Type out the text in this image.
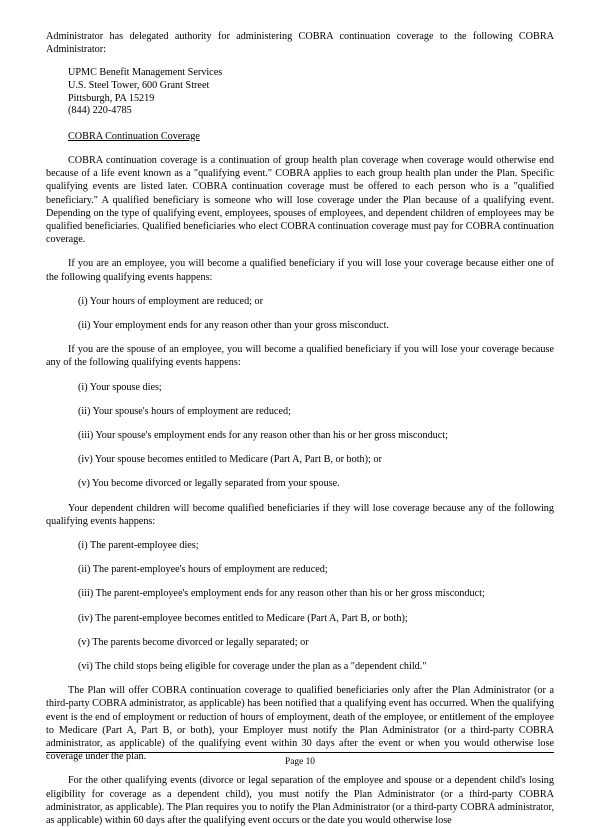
Administrator has delegated authority for administering COBRA continuation coverage to the following COBRA Administrator:

UPMC Benefit Management Services
U.S. Steel Tower, 600 Grant Street
Pittsburgh, PA 15219
(844) 220-4785
COBRA Continuation Coverage

COBRA continuation coverage is a continuation of group health plan coverage when coverage would otherwise end because of a life event known as a "qualifying event." COBRA applies to each group health plan under the Plan. Specific qualifying events are listed later. COBRA continuation coverage must be offered to each person who is a "qualified beneficiary." A qualified beneficiary is someone who will lose coverage under the Plan because of a qualifying event. Depending on the type of qualifying event, employees, spouses of employees, and dependent children of employees may be qualified beneficiaries. Qualified beneficiaries who elect COBRA continuation coverage must pay for COBRA continuation coverage.

If you are an employee, you will become a qualified beneficiary if you will lose your coverage because either one of the following qualifying events happens:

(i) Your hours of employment are reduced; or
(ii) Your employment ends for any reason other than your gross misconduct.

If you are the spouse of an employee, you will become a qualified beneficiary if you will lose your coverage because any of the following qualifying events happens:

(i) Your spouse dies;
(ii) Your spouse's hours of employment are reduced;
(iii) Your spouse's employment ends for any reason other than his or her gross misconduct;
(iv) Your spouse becomes entitled to Medicare (Part A, Part B, or both); or
(v) You become divorced or legally separated from your spouse.

Your dependent children will become qualified beneficiaries if they will lose coverage because any of the following qualifying events happens:

(i) The parent-employee dies;
(ii) The parent-employee's hours of employment are reduced;
(iii) The parent-employee's employment ends for any reason other than his or her gross misconduct;
(iv) The parent-employee becomes entitled to Medicare (Part A, Part B, or both);
(v) The parents become divorced or legally separated; or
(vi) The child stops being eligible for coverage under the plan as a "dependent child."

The Plan will offer COBRA continuation coverage to qualified beneficiaries only after the Plan Administrator (or a third-party COBRA administrator, as applicable) has been notified that a qualifying event has occurred. When the qualifying event is the end of employment or reduction of hours of employment, death of the employee, or entitlement of the employee to Medicare (Part A, Part B, or both), your Employer must notify the Plan Administrator (or a third-party COBRA administrator, as applicable) of the qualifying event within 30 days after the event or when you would otherwise lose coverage under the plan.

For the other qualifying events (divorce or legal separation of the employee and spouse or a dependent child's losing eligibility for coverage as a dependent child), you must notify the Plan Administrator (or a third-party COBRA administrator, as applicable). The Plan requires you to notify the Plan Administrator (or a third-party COBRA administrator, as applicable) within 60 days after the qualifying event occurs or the date you would otherwise lose

Page 10
